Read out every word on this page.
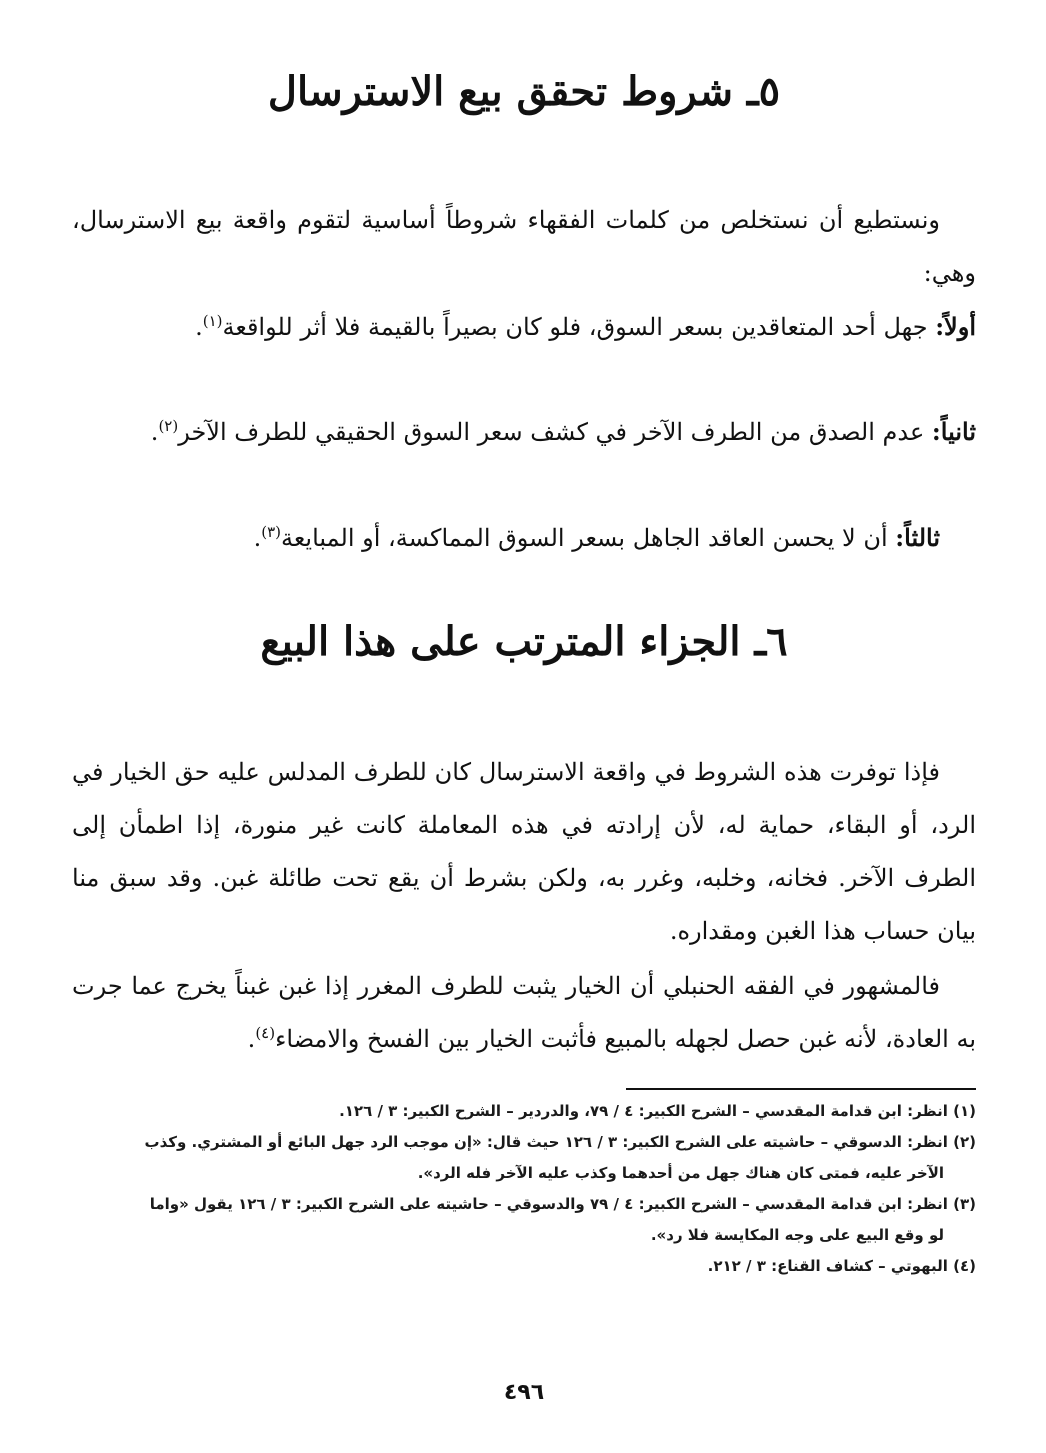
٥ـ شروط تحقق بيع الاسترسال

ونستطيع أن نستخلص من كلمات الفقهاء شروطاً أساسية لتقوم واقعة بيع الاسترسال، وهي:

أولاً: جهل أحد المتعاقدين بسعر السوق، فلو كان بصيراً بالقيمة فلا أثر للواقعة$^{(١)}$.

ثانياً: عدم الصدق من الطرف الآخر في كشف سعر السوق الحقيقي للطرف الآخر$^{(٢)}$.

ثالثاً: أن لا يحسن العاقد الجاهل بسعر السوق المماكسة، أو المبايعة$^{(٣)}$.

٦ـ الجزاء المترتب على هذا البيع

فإذا توفرت هذه الشروط في واقعة الاسترسال كان للطرف المدلس عليه حق الخيار في الرد، أو البقاء، حماية له، لأن إرادته في هذه المعاملة كانت غير منورة، إذا اطمأن إلى الطرف الآخر. فخانه، وخلبه، وغرر به، ولكن بشرط أن يقع تحت طائلة غبن. وقد سبق منا بيان حساب هذا الغبن ومقداره.

فالمشهور في الفقه الحنبلي أن الخيار يثبت للطرف المغرر إذا غبن غبناً يخرج عما جرت به العادة، لأنه غبن حصل لجهله بالمبيع فأثبت الخيار بين الفسخ والامضاء$^{(٤)}$.

(١) انظر: ابن قدامة المقدسي – الشرح الكبير: ٤ / ٧٩، والدردير – الشرح الكبير: ٣ / ١٢٦.

(٢) انظر: الدسوقي – حاشيته على الشرح الكبير: ٣ / ١٢٦ حيث قال: «إن موجب الرد جهل البائع أو المشتري. وكذب
الآخر عليه، فمتى كان هناك جهل من أحدهما وكذب عليه الآخر فله الرد».

(٣) انظر: ابن قدامة المقدسي – الشرح الكبير: ٤ / ٧٩ والدسوقي – حاشيته على الشرح الكبير: ٣ / ١٢٦ يقول «واما
لو وقع البيع على وجه المكايسة فلا رد».

(٤) البهوتي – كشاف القناع: ٣ / ٢١٢.

٤٩٦
